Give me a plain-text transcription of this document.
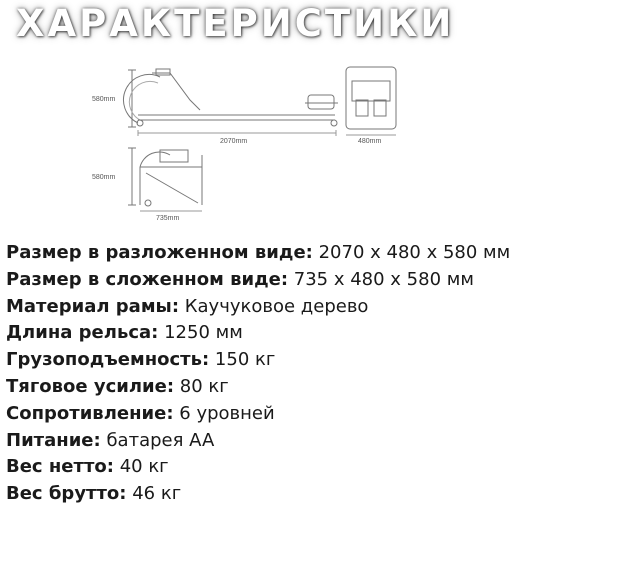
ХАРАКТЕРИСТИКИ
580mm
2070mm	480mm
580mm
735mm
Размер в разложенном виде: 2070 x 480 x 580 мм
Размер в сложенном виде: 735 x 480 x 580 мм
Материал рамы: Каучуковое дерево
Длина рельса: 1250 мм
Грузоподъемность: 150 кг
Тяговое усилие: 80 кг
Сопротивление: 6 уровней
Питание: батарея AA
Вес нетто: 40 кг
Вес брутто: 46 кг
